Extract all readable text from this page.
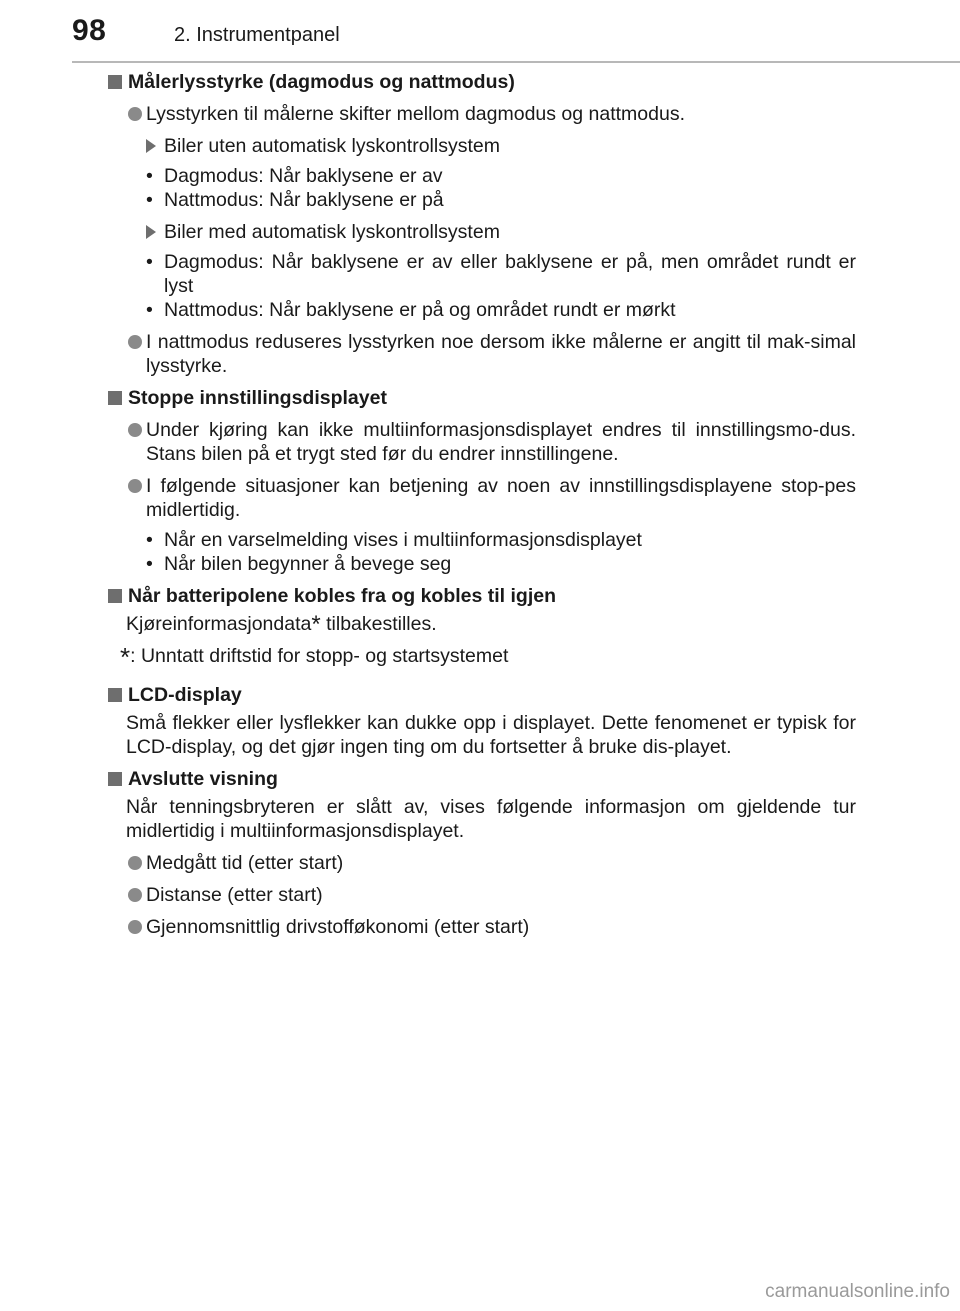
98	2. Instrumentpanel
Målerlysstyrke (dagmodus og nattmodus)
Lysstyrken til målerne skifter mellom dagmodus og nattmodus.
Biler uten automatisk lyskontrollsystem
• Dagmodus: Når baklysene er av
• Nattmodus: Når baklysene er på
Biler med automatisk lyskontrollsystem
• Dagmodus: Når baklysene er av eller baklysene er på, men området rundt er lyst
• Nattmodus: Når baklysene er på og området rundt er mørkt
I nattmodus reduseres lysstyrken noe dersom ikke målerne er angitt til mak-simal lysstyrke.
Stoppe innstillingsdisplayet
Under kjøring kan ikke multiinformasjonsdisplayet endres til innstillingsmo-dus. Stans bilen på et trygt sted før du endrer innstillingene.
I følgende situasjoner kan betjening av noen av innstillingsdisplayene stop-pes midlertidig.
• Når en varselmelding vises i multiinformasjonsdisplayet
• Når bilen begynner å bevege seg
Når batteripolene kobles fra og kobles til igjen
Kjøreinformasjondata* tilbakestilles.
*: Unntatt driftstid for stopp- og startsystemet
LCD-display
Små flekker eller lysflekker kan dukke opp i displayet. Dette fenomenet er typisk for LCD-display, og det gjør ingen ting om du fortsetter å bruke dis-playet.
Avslutte visning
Når tenningsbryteren er slått av, vises følgende informasjon om gjeldende tur midlertidig i multiinformasjonsdisplayet.
Medgått tid (etter start)
Distanse (etter start)
Gjennomsnittlig drivstofføkonomi (etter start)
carmanualsonline.info
